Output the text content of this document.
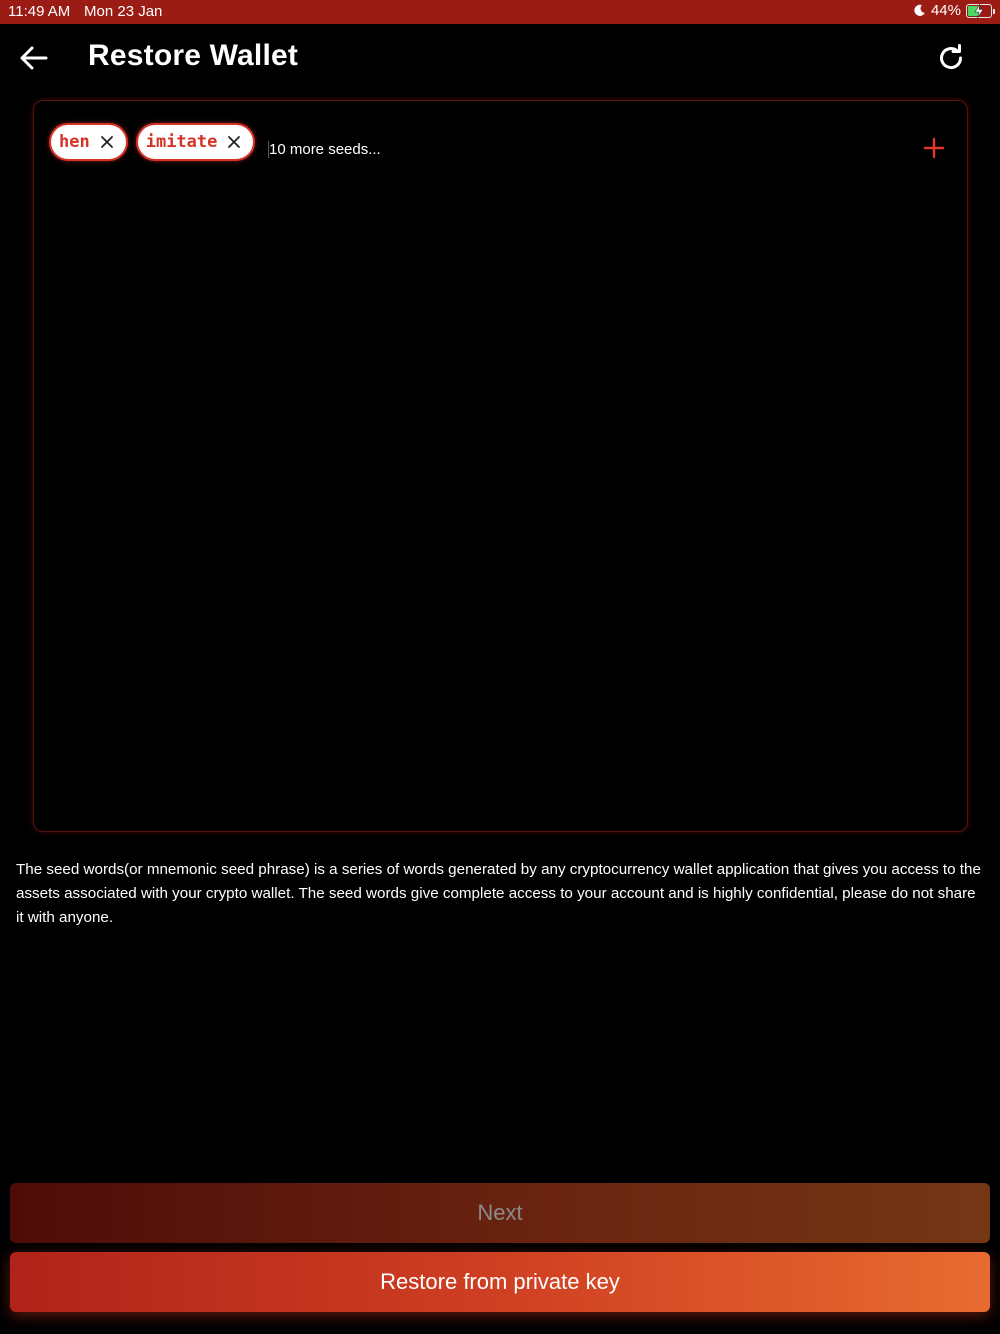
11:49 AM Mon 23 Jan	44%
Restore Wallet
hen	imitate	10 more seeds...

The seed words(or mnemonic seed phrase) is a series of words generated by any cryptocurrency wallet application that gives you access to the assets associated with your crypto wallet. The seed words give complete access to your account and is highly confidential, please do not share it with anyone.

Next
Restore from private key
